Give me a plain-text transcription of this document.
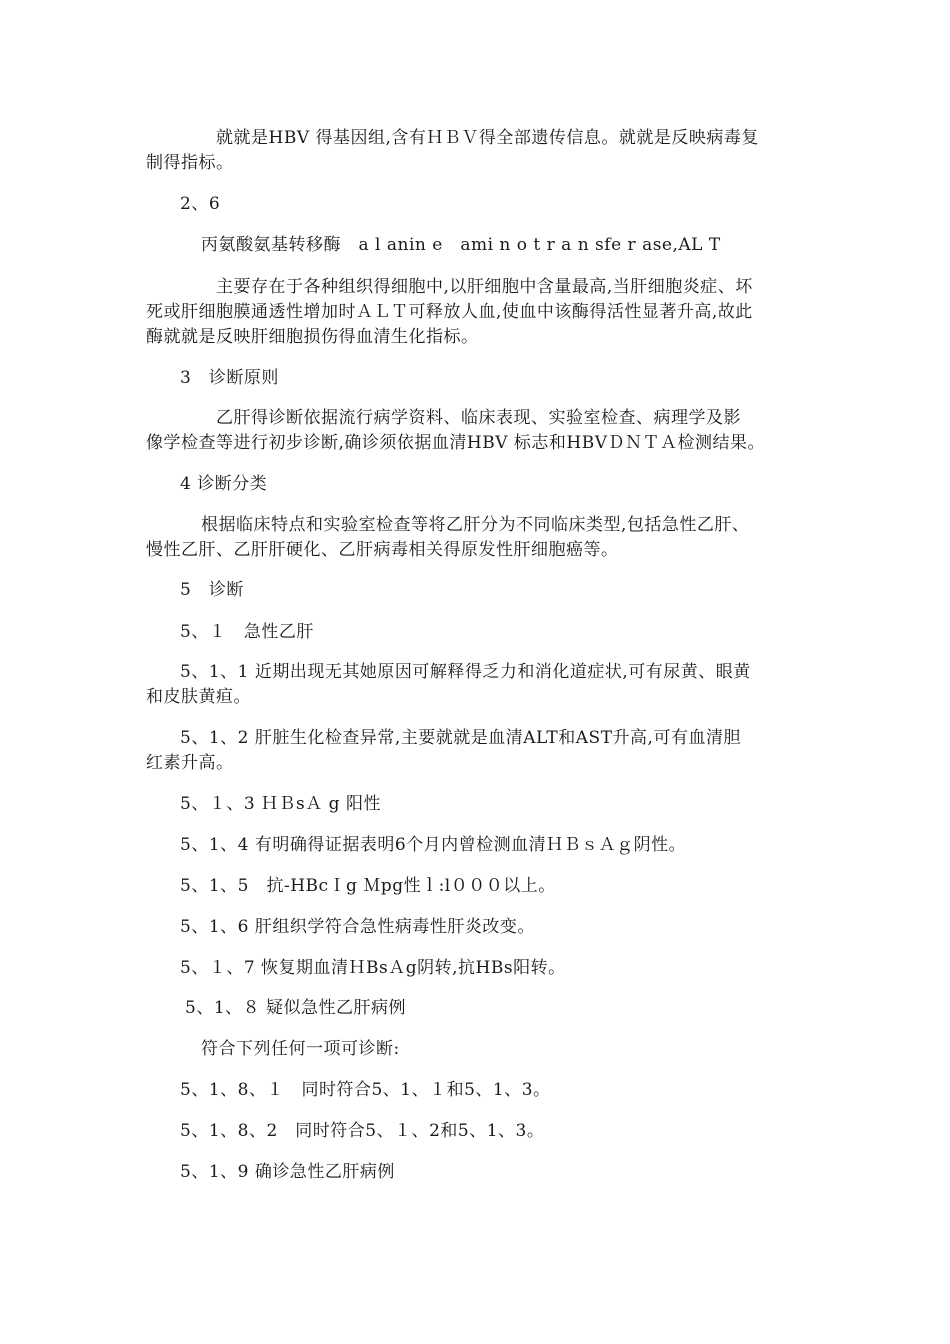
就就是HBV 得基因组,含有ＨＢＶ得全部遗传信息。就就是反映病毒复
制得指标。
2、6
丙氨酸氨基转移酶　a l anin e　ami n o t r a n sfe r ase,AL T
主要存在于各种组织得细胞中,以肝细胞中含量最高,当肝细胞炎症、坏
死或肝细胞膜通透性增加时ＡＬＴ可释放人血,使血中该酶得活性显著升高,故此
酶就就是反映肝细胞损伤得血清生化指标。
3　诊断原则
乙肝得诊断依据流行病学资料、临床表现、实验室检查、病理学及影
像学检查等进行初步诊断,确诊须依据血清HBV 标志和HBVＤＮＴＡ检测结果。
4 诊断分类
根据临床特点和实验室检查等将乙肝分为不同临床类型,包括急性乙肝、
慢性乙肝、乙肝肝硬化、乙肝病毒相关得原发性肝细胞癌等。
5　诊断
5、１　急性乙肝
5、1、1 近期出现无其她原因可解释得乏力和消化道症状,可有尿黄、眼黄
和皮肤黄疸。
5、1、2 肝脏生化检查异常,主要就就是血清ALT和AST升高,可有血清胆
红素升高。
5、１、3 ＨＢsＡ g 阳性
5、1、4 有明确得证据表明6个月内曾检测血清ＨＢｓＡｇ阴性。
5、1、5　抗-HBcＩg Ｍpg性ｌ:l０００以上。
5、1、6 肝组织学符合急性病毒性肝炎改变。
5、１、7 恢复期血清ＨBsＡg阴转,抗HBs阳转。
5、1、８ 疑似急性乙肝病例
符合下列任何一项可诊断:
5、1、8、１　同时符合5、1、１和5、1、3。
5、1、8、2　同时符合5、１、2和5、1、3。
5、1、9 确诊急性乙肝病例
